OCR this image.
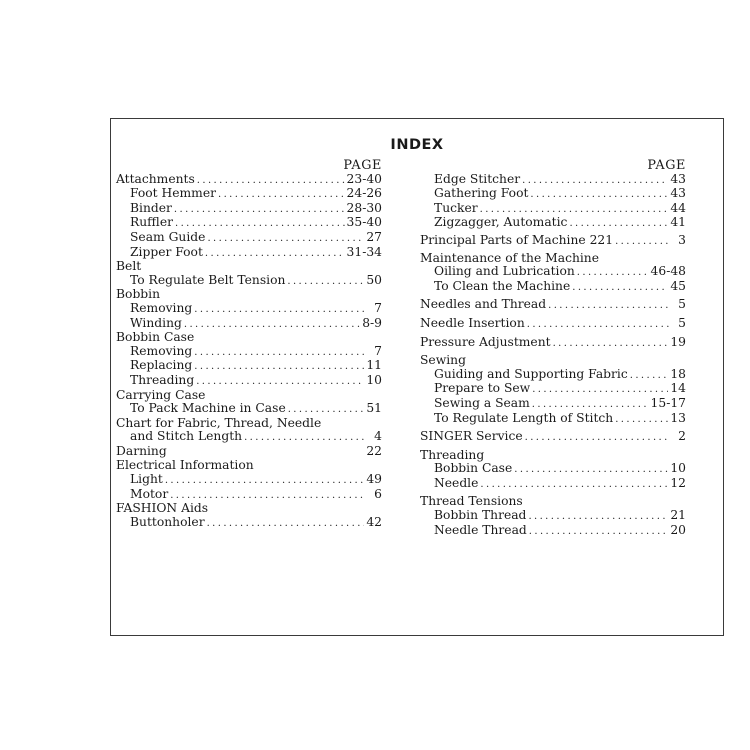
INDEX
PAGE
Attachments .....	23-40
Foot Hemmer .....	24-26
Binder .....	28-30
Ruffler .....	35-40
Seam Guide .....	27
Zipper Foot .....	31-34
Belt
To Regulate Belt Tension .....	50
Bobbin
Removing .....	7
Winding .....	8-9
Bobbin Case
Removing .....	7
Replacing .....	11
Threading .....	10
Carrying Case
To Pack Machine in Case .....	51
Chart for Fabric, Thread, Needle
and Stitch Length .....	4
Darning	22
Electrical Information
Light .....	49
Motor .....	6
FASHION Aids
Buttonholer .....	42
PAGE
Edge Stitcher .....	43
Gathering Foot .....	43
Tucker .....	44
Zigzagger, Automatic .....	41
Principal Parts of Machine 221 .....	3
Maintenance of the Machine
Oiling and Lubrication .....	46-48
To Clean the Machine .....	45
Needles and Thread .....	5
Needle Insertion .....	5
Pressure Adjustment .....	19
Sewing
Guiding and Supporting Fabric .....	18
Prepare to Sew .....	14
Sewing a Seam .....	15-17
To Regulate Length of Stitch .....	13
SINGER Service .....	2
Threading
Bobbin Case .....	10
Needle .....	12
Thread Tensions
Bobbin Thread .....	21
Needle Thread .....	20
